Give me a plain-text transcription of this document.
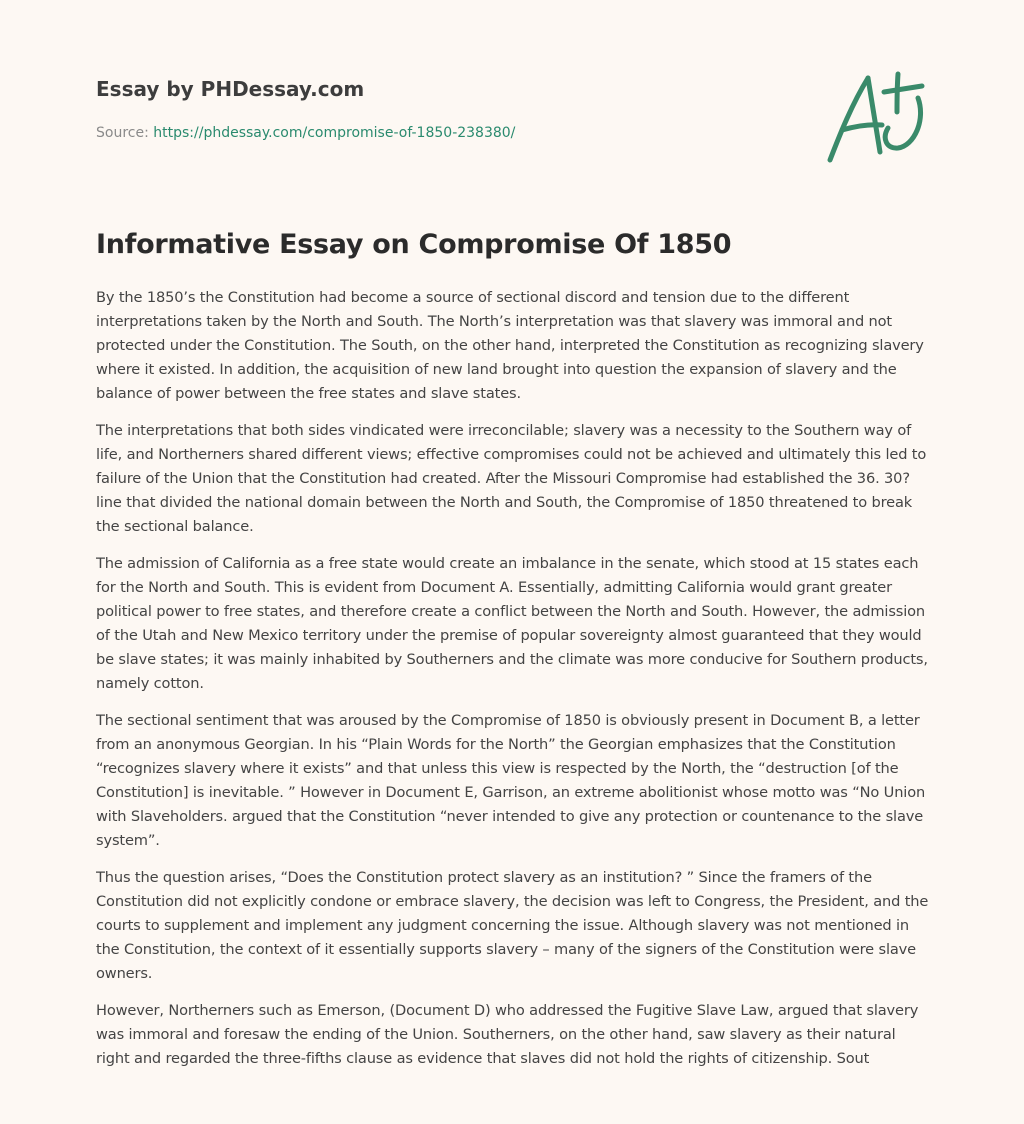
Essay by PHDessay.com
Source: https://phdessay.com/compromise-of-1850-238380/
Informative Essay on Compromise Of 1850

By the 1850’s the Constitution had become a source of sectional discord and tension due to the different interpretations taken by the North and South. The North’s interpretation was that slavery was immoral and not protected under the Constitution. The South, on the other hand, interpreted the Constitution as recognizing slavery where it existed. In addition, the acquisition of new land brought into question the expansion of slavery and the balance of power between the free states and slave states.

The interpretations that both sides vindicated were irreconcilable; slavery was a necessity to the Southern way of life, and Northerners shared different views; effective compromises could not be achieved and ultimately this led to failure of the Union that the Constitution had created. After the Missouri Compromise had established the 36. 30? line that divided the national domain between the North and South, the Compromise of 1850 threatened to break the sectional balance.

The admission of California as a free state would create an imbalance in the senate, which stood at 15 states each for the North and South. This is evident from Document A. Essentially, admitting California would grant greater political power to free states, and therefore create a conflict between the North and South. However, the admission of the Utah and New Mexico territory under the premise of popular sovereignty almost guaranteed that they would be slave states; it was mainly inhabited by Southerners and the climate was more conducive for Southern products, namely cotton.

The sectional sentiment that was aroused by the Compromise of 1850 is obviously present in Document B, a letter from an anonymous Georgian. In his “Plain Words for the North” the Georgian emphasizes that the Constitution “recognizes slavery where it exists” and that unless this view is respected by the North, the “destruction [of the Constitution] is inevitable. ” However in Document E, Garrison, an extreme abolitionist whose motto was “No Union with Slaveholders. argued that the Constitution “never intended to give any protection or countenance to the slave system”.

Thus the question arises, “Does the Constitution protect slavery as an institution? ” Since the framers of the Constitution did not explicitly condone or embrace slavery, the decision was left to Congress, the President, and the courts to supplement and implement any judgment concerning the issue. Although slavery was not mentioned in the Constitution, the context of it essentially supports slavery – many of the signers of the Constitution were slave owners.

However, Northerners such as Emerson, (Document D) who addressed the Fugitive Slave Law, argued that slavery was immoral and foresaw the ending of the Union. Southerners, on the other hand, saw slavery as their natural right and regarded the three-fifths clause as evidence that slaves did not hold the rights of citizenship. Sout
